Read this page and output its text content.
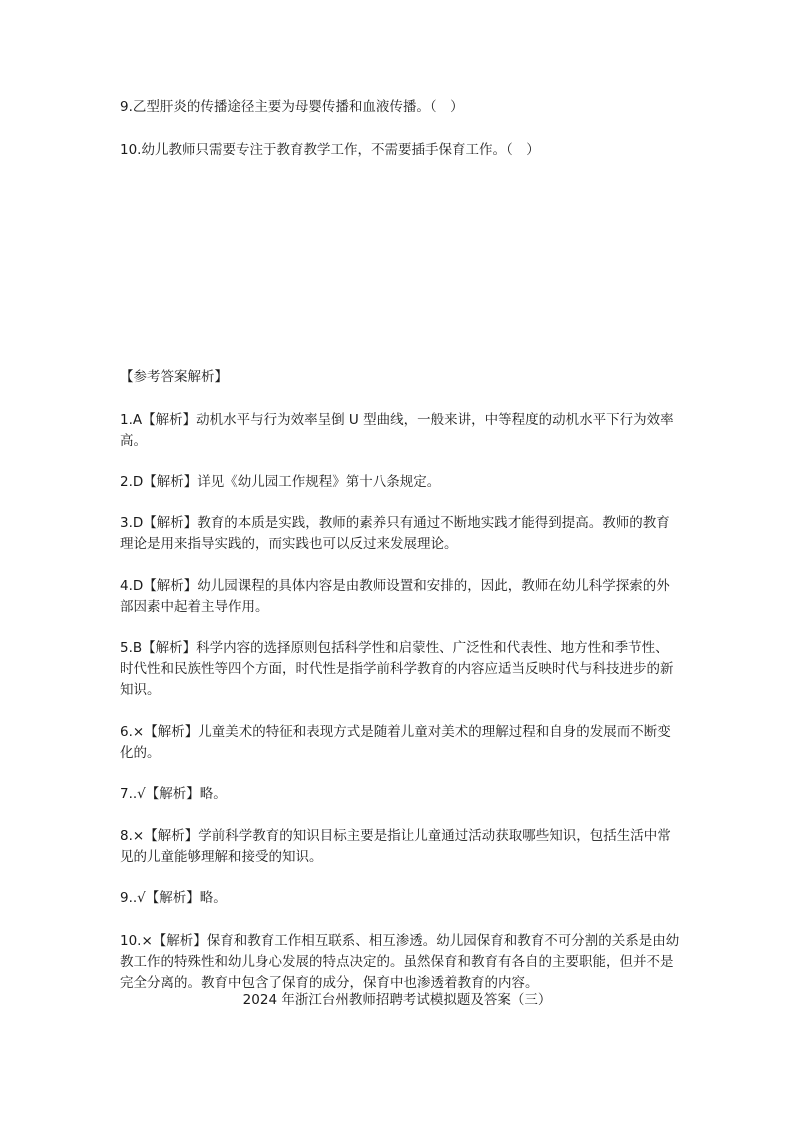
9.乙型肝炎的传播途径主要为母婴传播和血液传播。（　）

10.幼儿教师只需要专注于教育教学工作，不需要插手保育工作。（　）

【参考答案解析】

1.A【解析】动机水平与行为效率呈倒 U 型曲线，一般来讲，中等程度的动机水平下行为效率高。

2.D【解析】详见《幼儿园工作规程》第十八条规定。

3.D【解析】教育的本质是实践，教师的素养只有通过不断地实践才能得到提高。教师的教育理论是用来指导实践的，而实践也可以反过来发展理论。

4.D【解析】幼儿园课程的具体内容是由教师设置和安排的，因此，教师在幼儿科学探索的外部因素中起着主导作用。

5.B【解析】科学内容的选择原则包括科学性和启蒙性、广泛性和代表性、地方性和季节性、时代性和民族性等四个方面，时代性是指学前科学教育的内容应适当反映时代与科技进步的新知识。

6.×【解析】儿童美术的特征和表现方式是随着儿童对美术的理解过程和自身的发展而不断变化的。

7..√【解析】略。

8.×【解析】学前科学教育的知识目标主要是指让儿童通过活动获取哪些知识，包括生活中常见的儿童能够理解和接受的知识。

9..√【解析】略。

10.×【解析】保育和教育工作相互联系、相互渗透。幼儿园保育和教育不可分割的关系是由幼教工作的特殊性和幼儿身心发展的特点决定的。虽然保育和教育有各自的主要职能，但并不是完全分离的。教育中包含了保育的成分，保育中也渗透着教育的内容。

2024 年浙江台州教师招聘考试模拟题及答案（三）
